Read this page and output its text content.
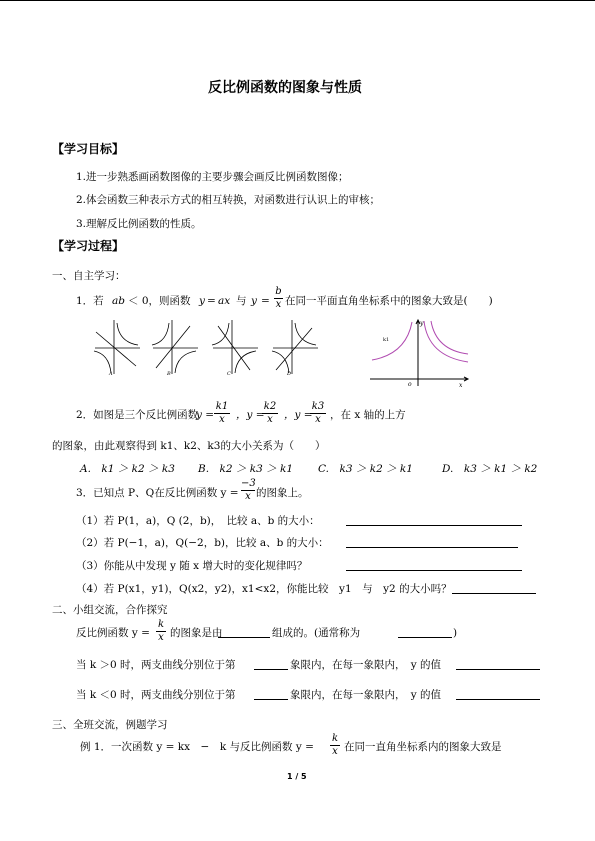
反比例函数的图象与性质
【学习目标】
1.进一步熟悉画函数图像的主要步骤会画反比例函数图像；
2.体会函数三种表示方式的相互转换，对函数进行认识上的审核；
3.理解反比例函数的性质。
【学习过程】
一、自主学习：
1．若 ab ＜ 0，则函数 y = ax 与 y =
b
x 在同一平面直角坐标系中的图象大致是(　　)
A	B	C	D
y
x
o
k1
2．如图是三个反比例函数
y =
k1
x	，y =
k2
x	，y =
k3
x ，在 x 轴的上方
的图象，由此观察得到 k1、k2、k3的大小关系为（　　）
A.　k1 ＞ k2 ＞ k3 B.　k2 ＞ k3 ＞ k1 C.　k3 ＞ k2 ＞ k1	D.　k3 ＞ k1 ＞ k2
3．已知点 P、Q在反比例函数 y =
−3
x 的图象上。
（1）若 P(1，a)，Q (2，b)，　比较 a、b 的大小：
（2）若 P(−1，a)，Q(−2，b)，比较 a、b 的大小：
（3）你能从中发现 y 随 x 增大时的变化规律吗？
（4）若 P(x1，y1)，Q(x2，y2)，x1<x2，你能比较　y1　与　y2 的大小吗？
二、小组交流，合作探究
反比例函数 y =
k
x 的图象是由	组成的。(通常称为	)
当 k ＞0 时，两支曲线分别位于第	象限内，在每一象限内，　y 的值
当 k ＜0 时，两支曲线分别位于第	象限内，在每一象限内，　y 的值
三、全班交流，例题学习
例 1．一次函数 y = kx　−　k 与反比例函数 y =
k
x 在同一直角坐标系内的图象大致是
1 / 5
